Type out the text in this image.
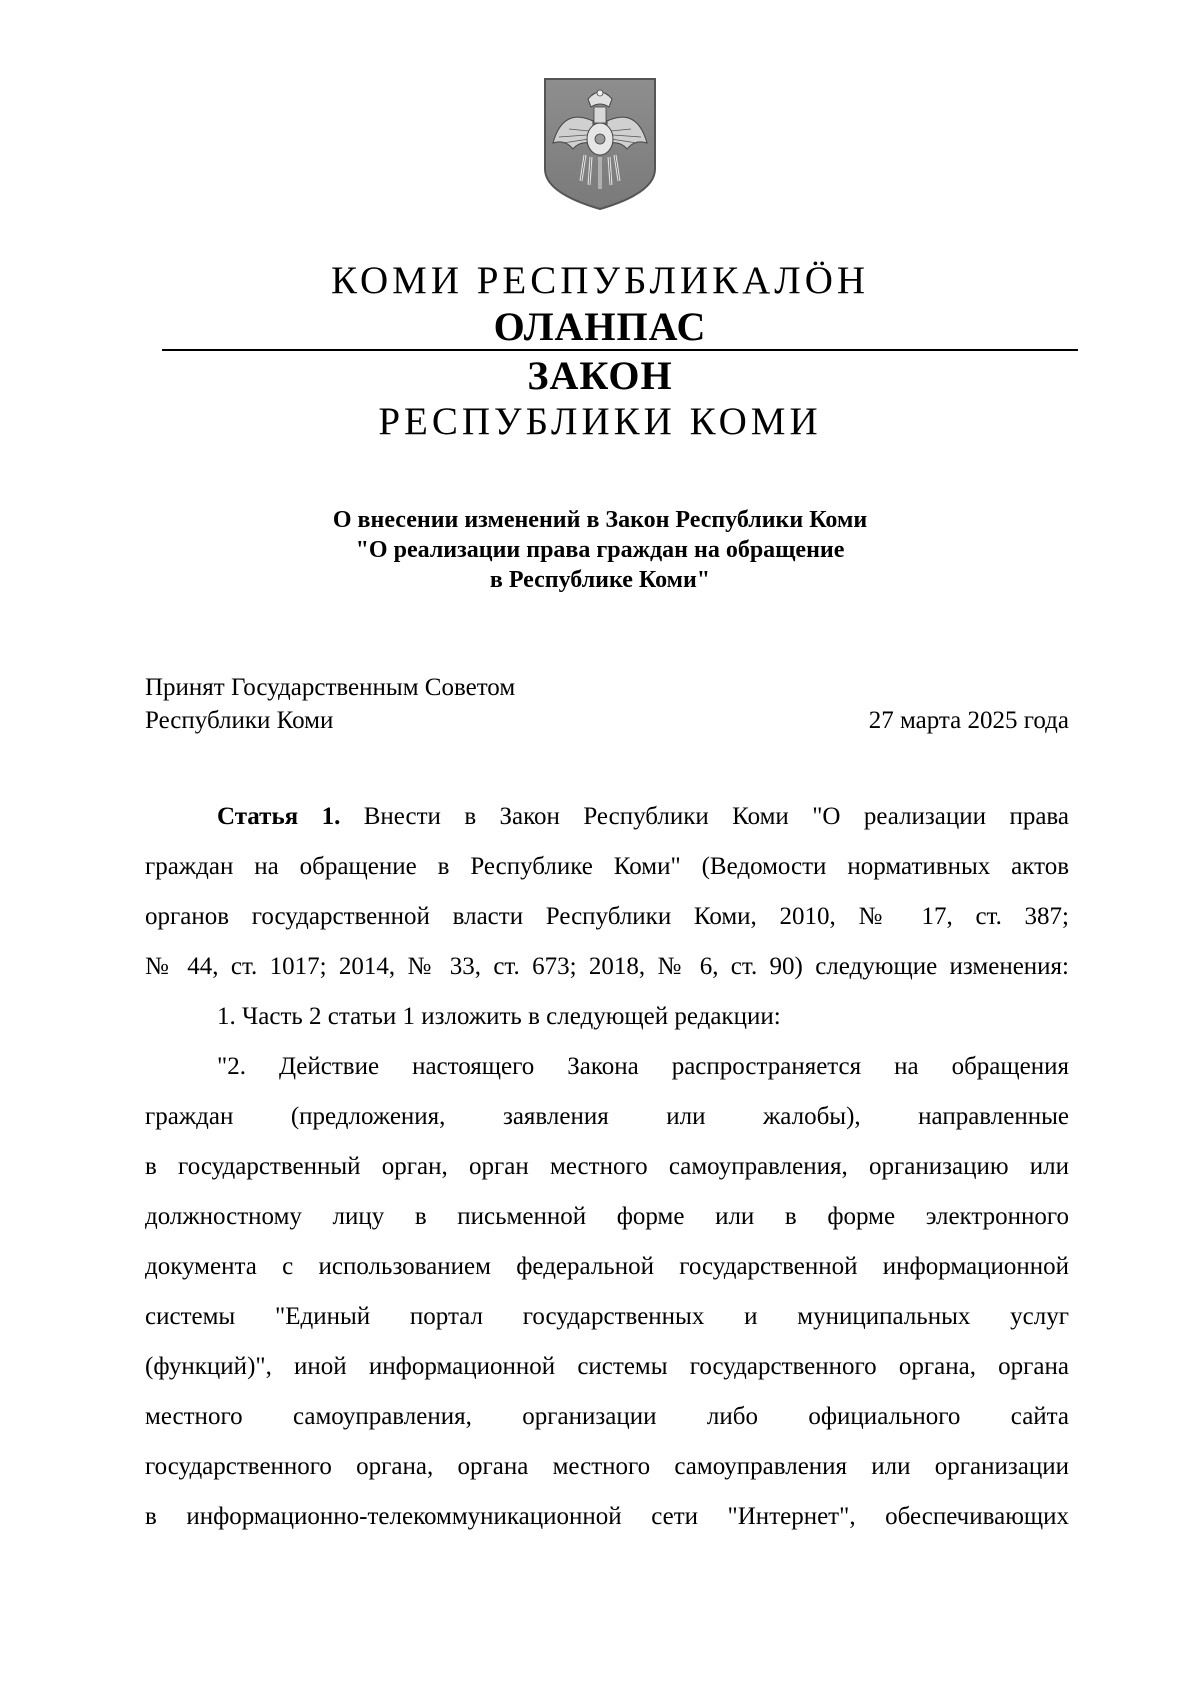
КОМИ РЕСПУБЛИКАЛӦН
ОЛАНПАС
ЗАКОН
РЕСПУБЛИКИ КОМИ
О внесении изменений в Закон Республики Коми
"О реализации права граждан на обращение
в Республике Коми"
Принят Государственным Советом
Республики Коми	27 марта 2025 года
Статья 1. Внести в Закон Республики Коми "О реализации права
граждан на обращение в Республике Коми" (Ведомости нормативных актов
органов государственной власти Республики Коми, 2010, № 17, ст. 387;
№ 44, ст. 1017; 2014, № 33, ст. 673; 2018, № 6, ст. 90) следующие изменения:
1. Часть 2 статьи 1 изложить в следующей редакции:
"2. Действие настоящего Закона распространяется на обращения
граждан (предложения, заявления или жалобы), направленные
в государственный орган, орган местного самоуправления, организацию или
должностному лицу в письменной форме или в форме электронного
документа с использованием федеральной государственной информационной
системы "Единый портал государственных и муниципальных услуг
(функций)", иной информационной системы государственного органа, органа
местного самоуправления, организации либо официального сайта
государственного органа, органа местного самоуправления или организации
в информационно-телекоммуникационной сети "Интернет", обеспечивающих
